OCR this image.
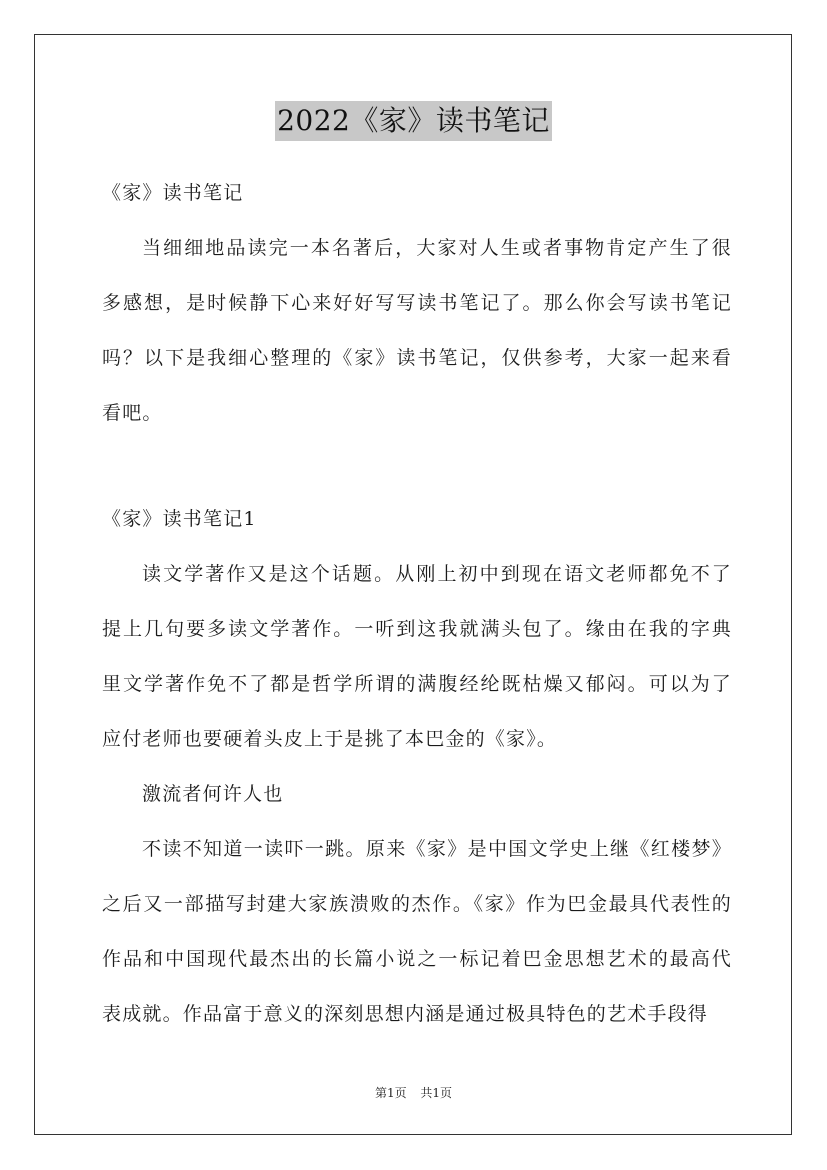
2022《家》读书笔记
《家》读书笔记
当细细地品读完一本名著后，大家对人生或者事物肯定产生了很
多感想，是时候静下心来好好写写读书笔记了。那么你会写读书笔记
吗？以下是我细心整理的《家》读书笔记，仅供参考，大家一起来看
看吧。
《家》读书笔记1
读文学著作又是这个话题。从刚上初中到现在语文老师都免不了
提上几句要多读文学著作。一听到这我就满头包了。缘由在我的字典
里文学著作免不了都是哲学所谓的满腹经纶既枯燥又郁闷。可以为了
应付老师也要硬着头皮上于是挑了本巴金的《家》。
激流者何许人也
不读不知道一读吓一跳。原来《家》是中国文学史上继《红楼梦》
之后又一部描写封建大家族溃败的杰作。《家》作为巴金最具代表性的
作品和中国现代最杰出的长篇小说之一标记着巴金思想艺术的最高代
表成就。作品富于意义的深刻思想内涵是通过极具特色的艺术手段得
第1页 共1页
